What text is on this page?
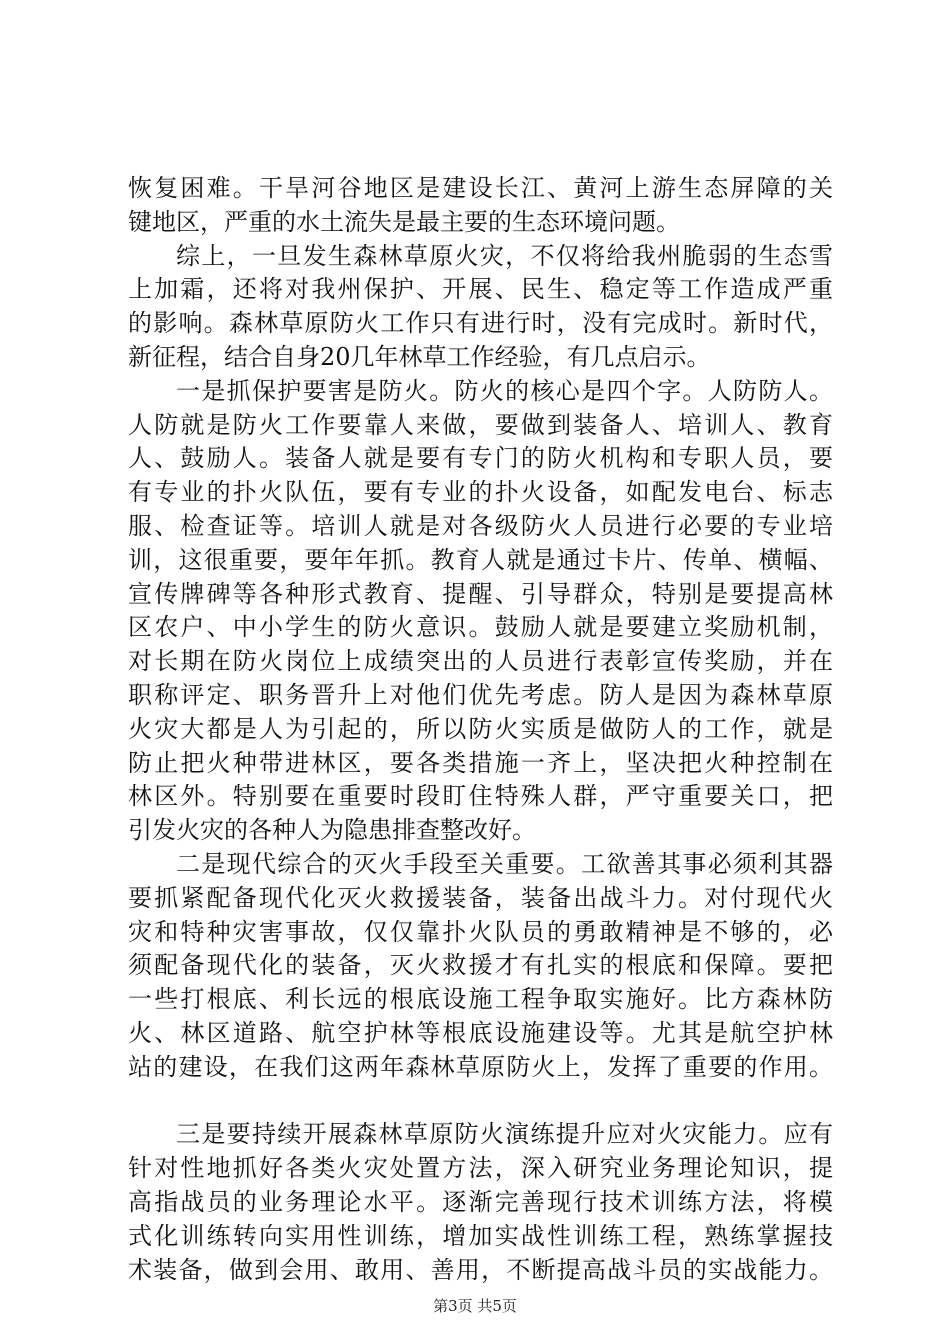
恢复困难。干旱河谷地区是建设长江、黄河上游生态屏障的关
键地区，严重的水土流失是最主要的生态环境问题。
综上，一旦发生森林草原火灾，不仅将给我州脆弱的生态雪
上加霜，还将对我州保护、开展、民生、稳定等工作造成严重
的影响。森林草原防火工作只有进行时，没有完成时。新时代，
新征程，结合自身20几年林草工作经验，有几点启示。
一是抓保护要害是防火。防火的核心是四个字。人防防人。
人防就是防火工作要靠人来做，要做到装备人、培训人、教育
人、鼓励人。装备人就是要有专门的防火机构和专职人员，要
有专业的扑火队伍，要有专业的扑火设备，如配发电台、标志
服、检查证等。培训人就是对各级防火人员进行必要的专业培
训，这很重要，要年年抓。教育人就是通过卡片、传单、横幅、
宣传牌碑等各种形式教育、提醒、引导群众，特别是要提高林
区农户、中小学生的防火意识。鼓励人就是要建立奖励机制，
对长期在防火岗位上成绩突出的人员进行表彰宣传奖励，并在
职称评定、职务晋升上对他们优先考虑。防人是因为森林草原
火灾大都是人为引起的，所以防火实质是做防人的工作，就是
防止把火种带进林区，要各类措施一齐上，坚决把火种控制在
林区外。特别要在重要时段盯住特殊人群，严守重要关口，把
引发火灾的各种人为隐患排查整改好。
二是现代综合的灭火手段至关重要。工欲善其事必须利其器
要抓紧配备现代化灭火救援装备，装备出战斗力。对付现代火
灾和特种灾害事故，仅仅靠扑火队员的勇敢精神是不够的，必
须配备现代化的装备，灭火救援才有扎实的根底和保障。要把
一些打根底、利长远的根底设施工程争取实施好。比方森林防
火、林区道路、航空护林等根底设施建设等。尤其是航空护林
站的建设，在我们这两年森林草原防火上，发挥了重要的作用。
三是要持续开展森林草原防火演练提升应对火灾能力。应有
针对性地抓好各类火灾处置方法，深入研究业务理论知识，提
高指战员的业务理论水平。逐渐完善现行技术训练方法，将模
式化训练转向实用性训练，增加实战性训练工程，熟练掌握技
术装备，做到会用、敢用、善用，不断提高战斗员的实战能力。
第3页 共5页
